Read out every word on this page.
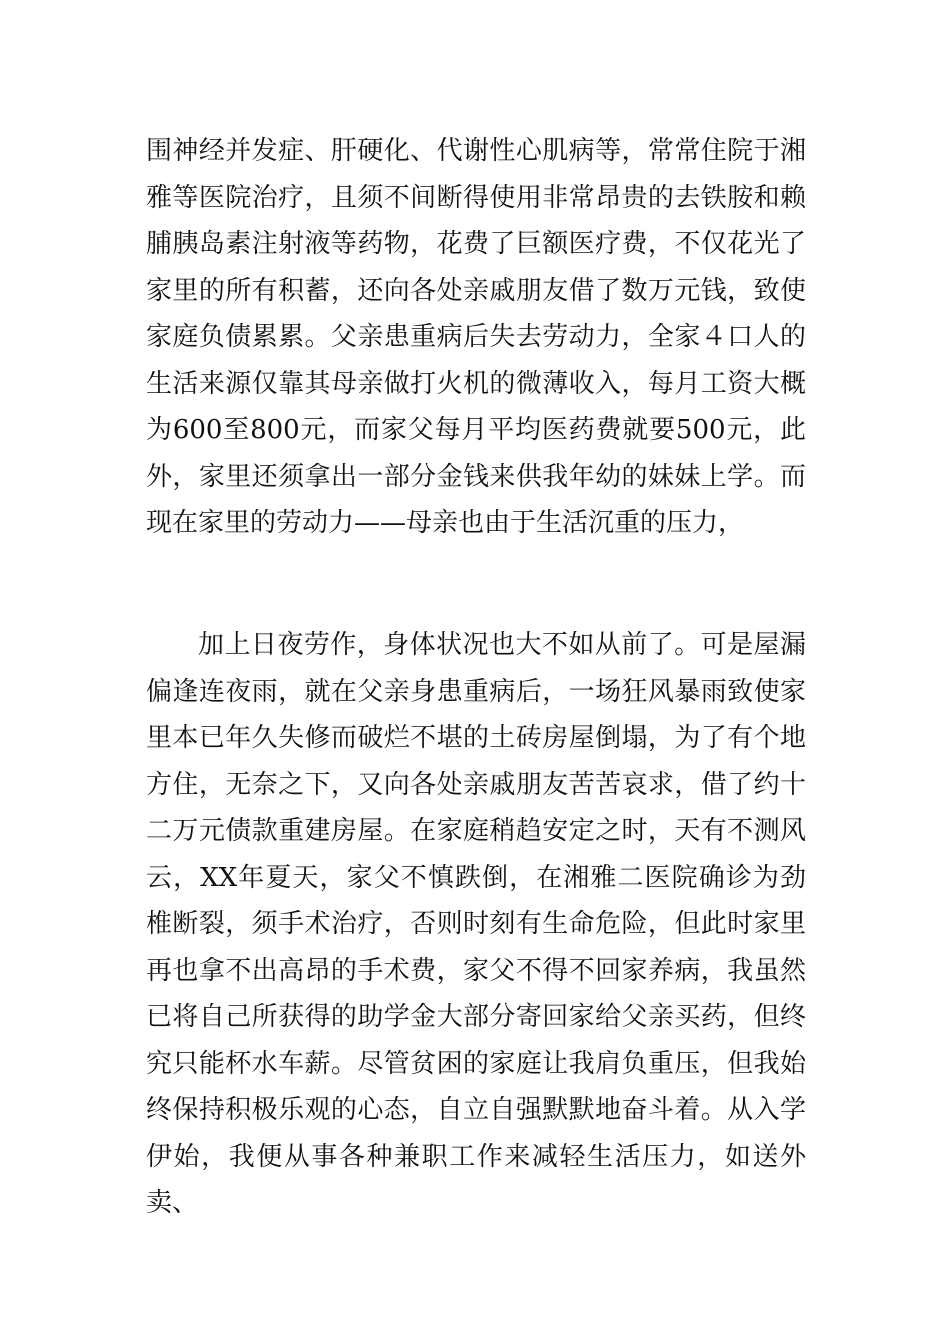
围神经并发症、肝硬化、代谢性心肌病等，常常住院于湘雅等医院治疗，且须不间断得使用非常昂贵的去铁胺和赖脯胰岛素注射液等药物，花费了巨额医疗费，不仅花光了家里的所有积蓄，还向各处亲戚朋友借了数万元钱，致使家庭负债累累。父亲患重病后失去劳动力，全家４口人的生活来源仅靠其母亲做打火机的微薄收入，每月工资大概为600至800元，而家父每月平均医药费就要500元，此外，家里还须拿出一部分金钱来供我年幼的妹妹上学。而现在家里的劳动力——母亲也由于生活沉重的压力，

加上日夜劳作，身体状况也大不如从前了。可是屋漏偏逢连夜雨，就在父亲身患重病后，一场狂风暴雨致使家里本已年久失修而破烂不堪的土砖房屋倒塌，为了有个地方住，无奈之下，又向各处亲戚朋友苦苦哀求，借了约十二万元债款重建房屋。在家庭稍趋安定之时，天有不测风云，XX年夏天，家父不慎跌倒，在湘雅二医院确诊为劲椎断裂，须手术治疗，否则时刻有生命危险，但此时家里再也拿不出高昂的手术费，家父不得不回家养病，我虽然已将自己所获得的助学金大部分寄回家给父亲买药，但终究只能杯水车薪。尽管贫困的家庭让我肩负重压，但我始终保持积极乐观的心态，自立自强默默地奋斗着。从入学伊始，我便从事各种兼职工作来减轻生活压力，如送外卖、
